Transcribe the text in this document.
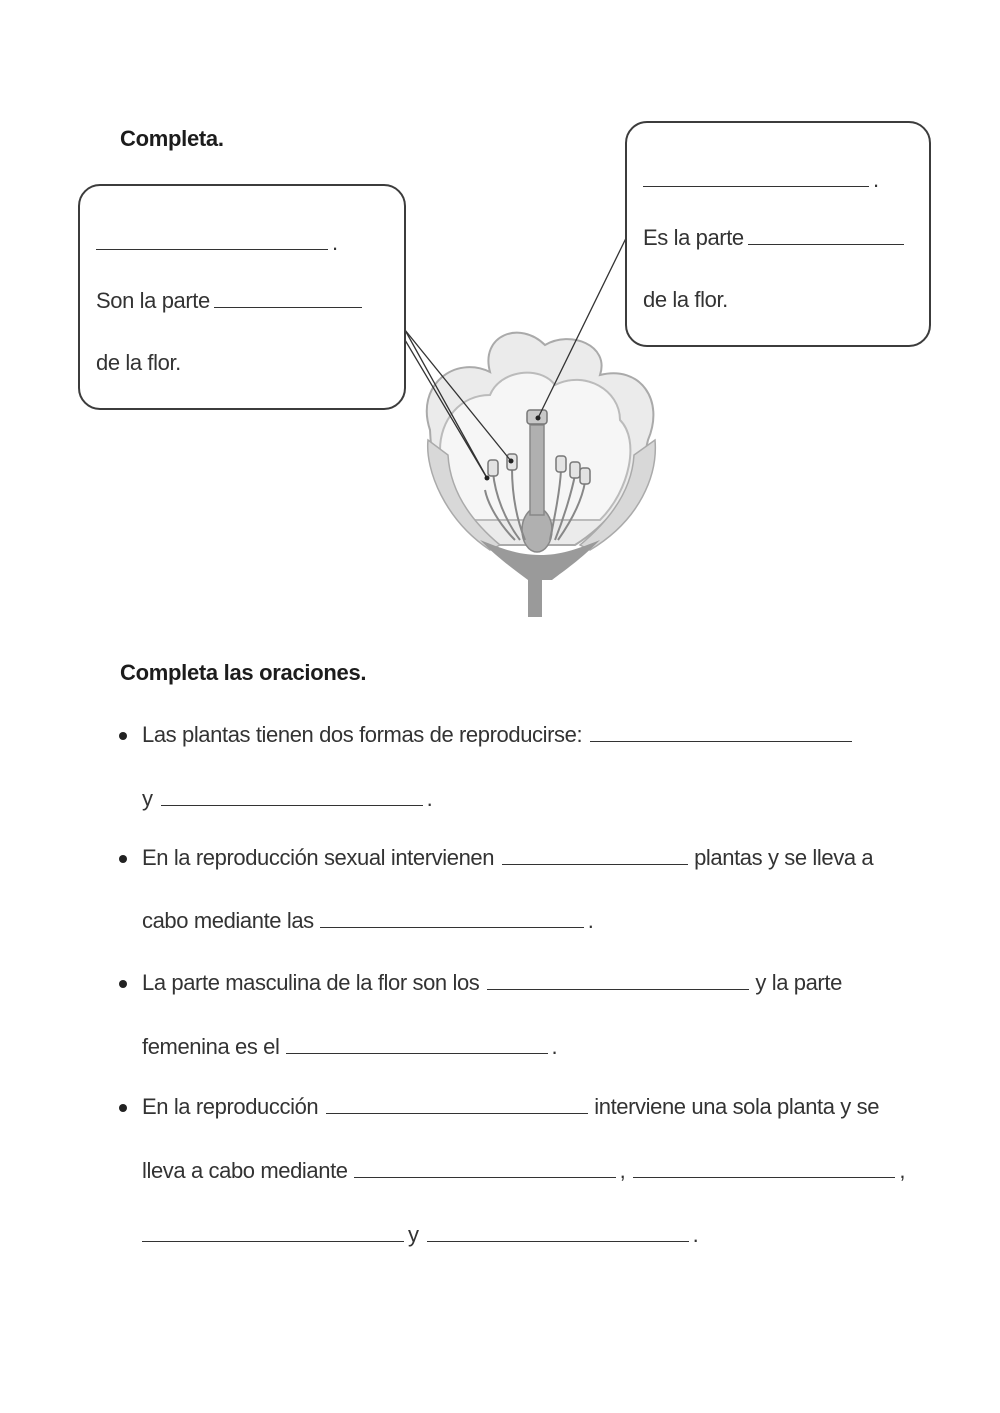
Completa.
.
Son la parte
de la flor.
.
Es la parte
de la flor.
Completa las oraciones.
Las plantas tienen dos formas de reproducirse:
y	.
En la reproducción sexual intervienen	plantas y se lleva a
cabo mediante las	.
La parte masculina de la flor son los	y la parte
femenina es el	.
En la reproducción	interviene una sola planta y se
lleva a cabo mediante	,	,
y	.
